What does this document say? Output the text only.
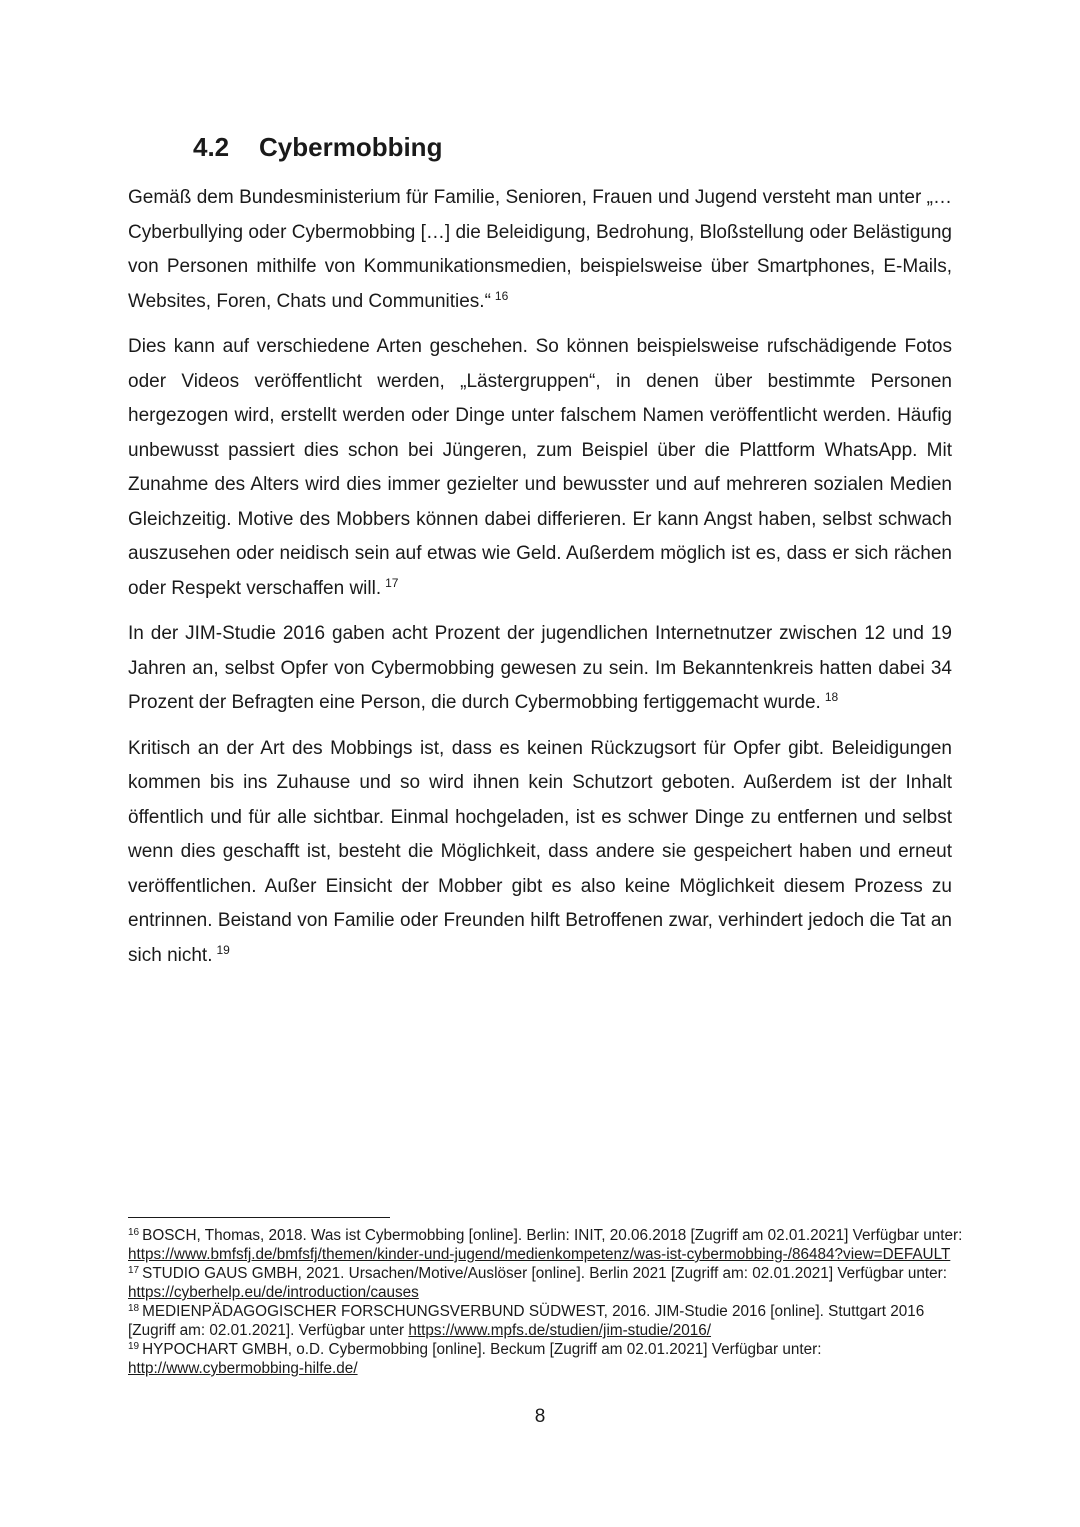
4.2 Cybermobbing

Gemäß dem Bundesministerium für Familie, Senioren, Frauen und Jugend versteht man unter „…Cyberbullying oder Cybermobbing […] die Beleidigung, Bedrohung, Bloßstellung oder Belästigung von Personen mithilfe von Kommunikationsmedien, beispielsweise über Smartphones, E-Mails, Websites, Foren, Chats und Communities.“ $^{16}$

Dies kann auf verschiedene Arten geschehen. So können beispielsweise rufschädigende Fotos oder Videos veröffentlicht werden, „Lästergruppen“, in denen über bestimmte Personen hergezogen wird, erstellt werden oder Dinge unter falschem Namen veröffentlicht werden. Häufig unbewusst passiert dies schon bei Jüngeren, zum Beispiel über die Plattform WhatsApp. Mit Zunahme des Alters wird dies immer gezielter und bewusster und auf mehreren sozialen Medien Gleichzeitig. Motive des Mobbers können dabei differieren. Er kann Angst haben, selbst schwach auszusehen oder neidisch sein auf etwas wie Geld. Außerdem möglich ist es, dass er sich rächen oder Respekt verschaffen will. $^{17}$

In der JIM-Studie 2016 gaben acht Prozent der jugendlichen Internetnutzer zwischen 12 und 19 Jahren an, selbst Opfer von Cybermobbing gewesen zu sein. Im Bekanntenkreis hatten dabei 34 Prozent der Befragten eine Person, die durch Cybermobbing fertiggemacht wurde. $^{18}$

Kritisch an der Art des Mobbings ist, dass es keinen Rückzugsort für Opfer gibt. Beleidigungen kommen bis ins Zuhause und so wird ihnen kein Schutzort geboten. Außerdem ist der Inhalt öffentlich und für alle sichtbar. Einmal hochgeladen, ist es schwer Dinge zu entfernen und selbst wenn dies geschafft ist, besteht die Möglichkeit, dass andere sie gespeichert haben und erneut veröffentlichen. Außer Einsicht der Mobber gibt es also keine Möglichkeit diesem Prozess zu entrinnen. Beistand von Familie oder Freunden hilft Betroffenen zwar, verhindert jedoch die Tat an sich nicht. $^{19}$

$^{16}$ BOSCH, Thomas, 2018. Was ist Cybermobbing [online]. Berlin: INIT, 20.06.2018 [Zugriff am 02.01.2021] Verfügbar unter: https://www.bmfsfj.de/bmfsfj/themen/kinder-und-jugend/medienkompetenz/was-ist-cybermobbing-/86484?view=DEFAULT

$^{17}$ STUDIO GAUS GMBH, 2021. Ursachen/Motive/Auslöser [online]. Berlin 2021 [Zugriff am: 02.01.2021] Verfügbar unter: https://cyberhelp.eu/de/introduction/causes

$^{18}$ MEDIENPÄDAGOGISCHER FORSCHUNGSVERBUND SÜDWEST, 2016. JIM-Studie 2016 [online]. Stuttgart 2016 [Zugriff am: 02.01.2021]. Verfügbar unter https://www.mpfs.de/studien/jim-studie/2016/

$^{19}$ HYPOCHART GMBH, o.D. Cybermobbing [online]. Beckum [Zugriff am 02.01.2021] Verfügbar unter: http://www.cybermobbing-hilfe.de/

8
